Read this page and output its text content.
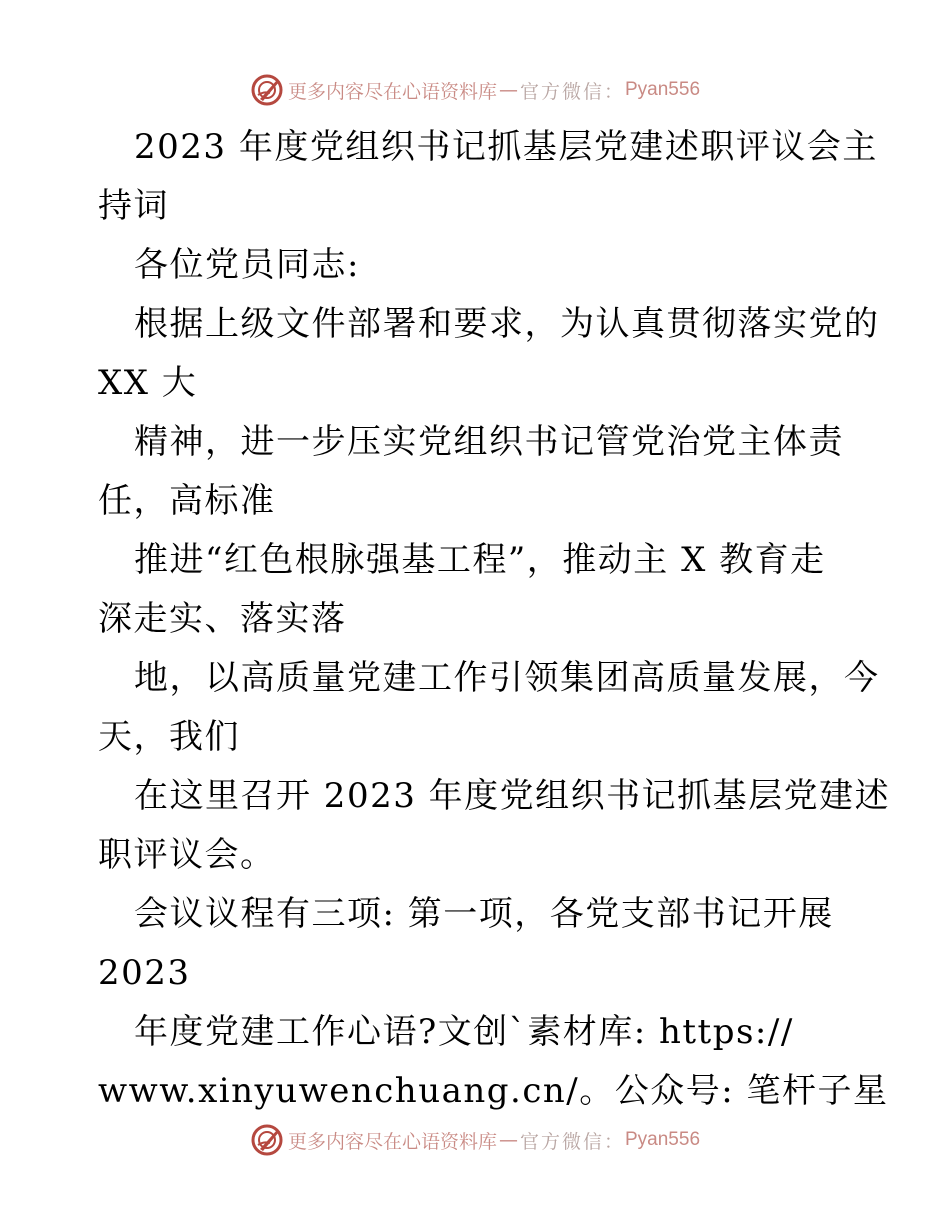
更多内容尽在心语资料库 — 官方微信： Pyan556
2023 年度党组织书记抓基层党建述职评议会主
持词
各位党员同志:
根据上级文件部署和要求，为认真贯彻落实党的
XX 大
精神，进一步压实党组织书记管党治党主体责
任，高标准
推进“红色根脉强基工程”，推动主 X 教育走
深走实、落实落
地，以高质量党建工作引领集团高质量发展，今
天，我们
在这里召开 2023 年度党组织书记抓基层党建述
职评议会。
会议议程有三项: 第一项，各党支部书记开展
2023
年度党建工作心语?文创`素材库: https://
www.xinyuwenchuang.cn/。公众号: 笔杆子星
更多内容尽在心语资料库 — 官方微信： Pyan556
